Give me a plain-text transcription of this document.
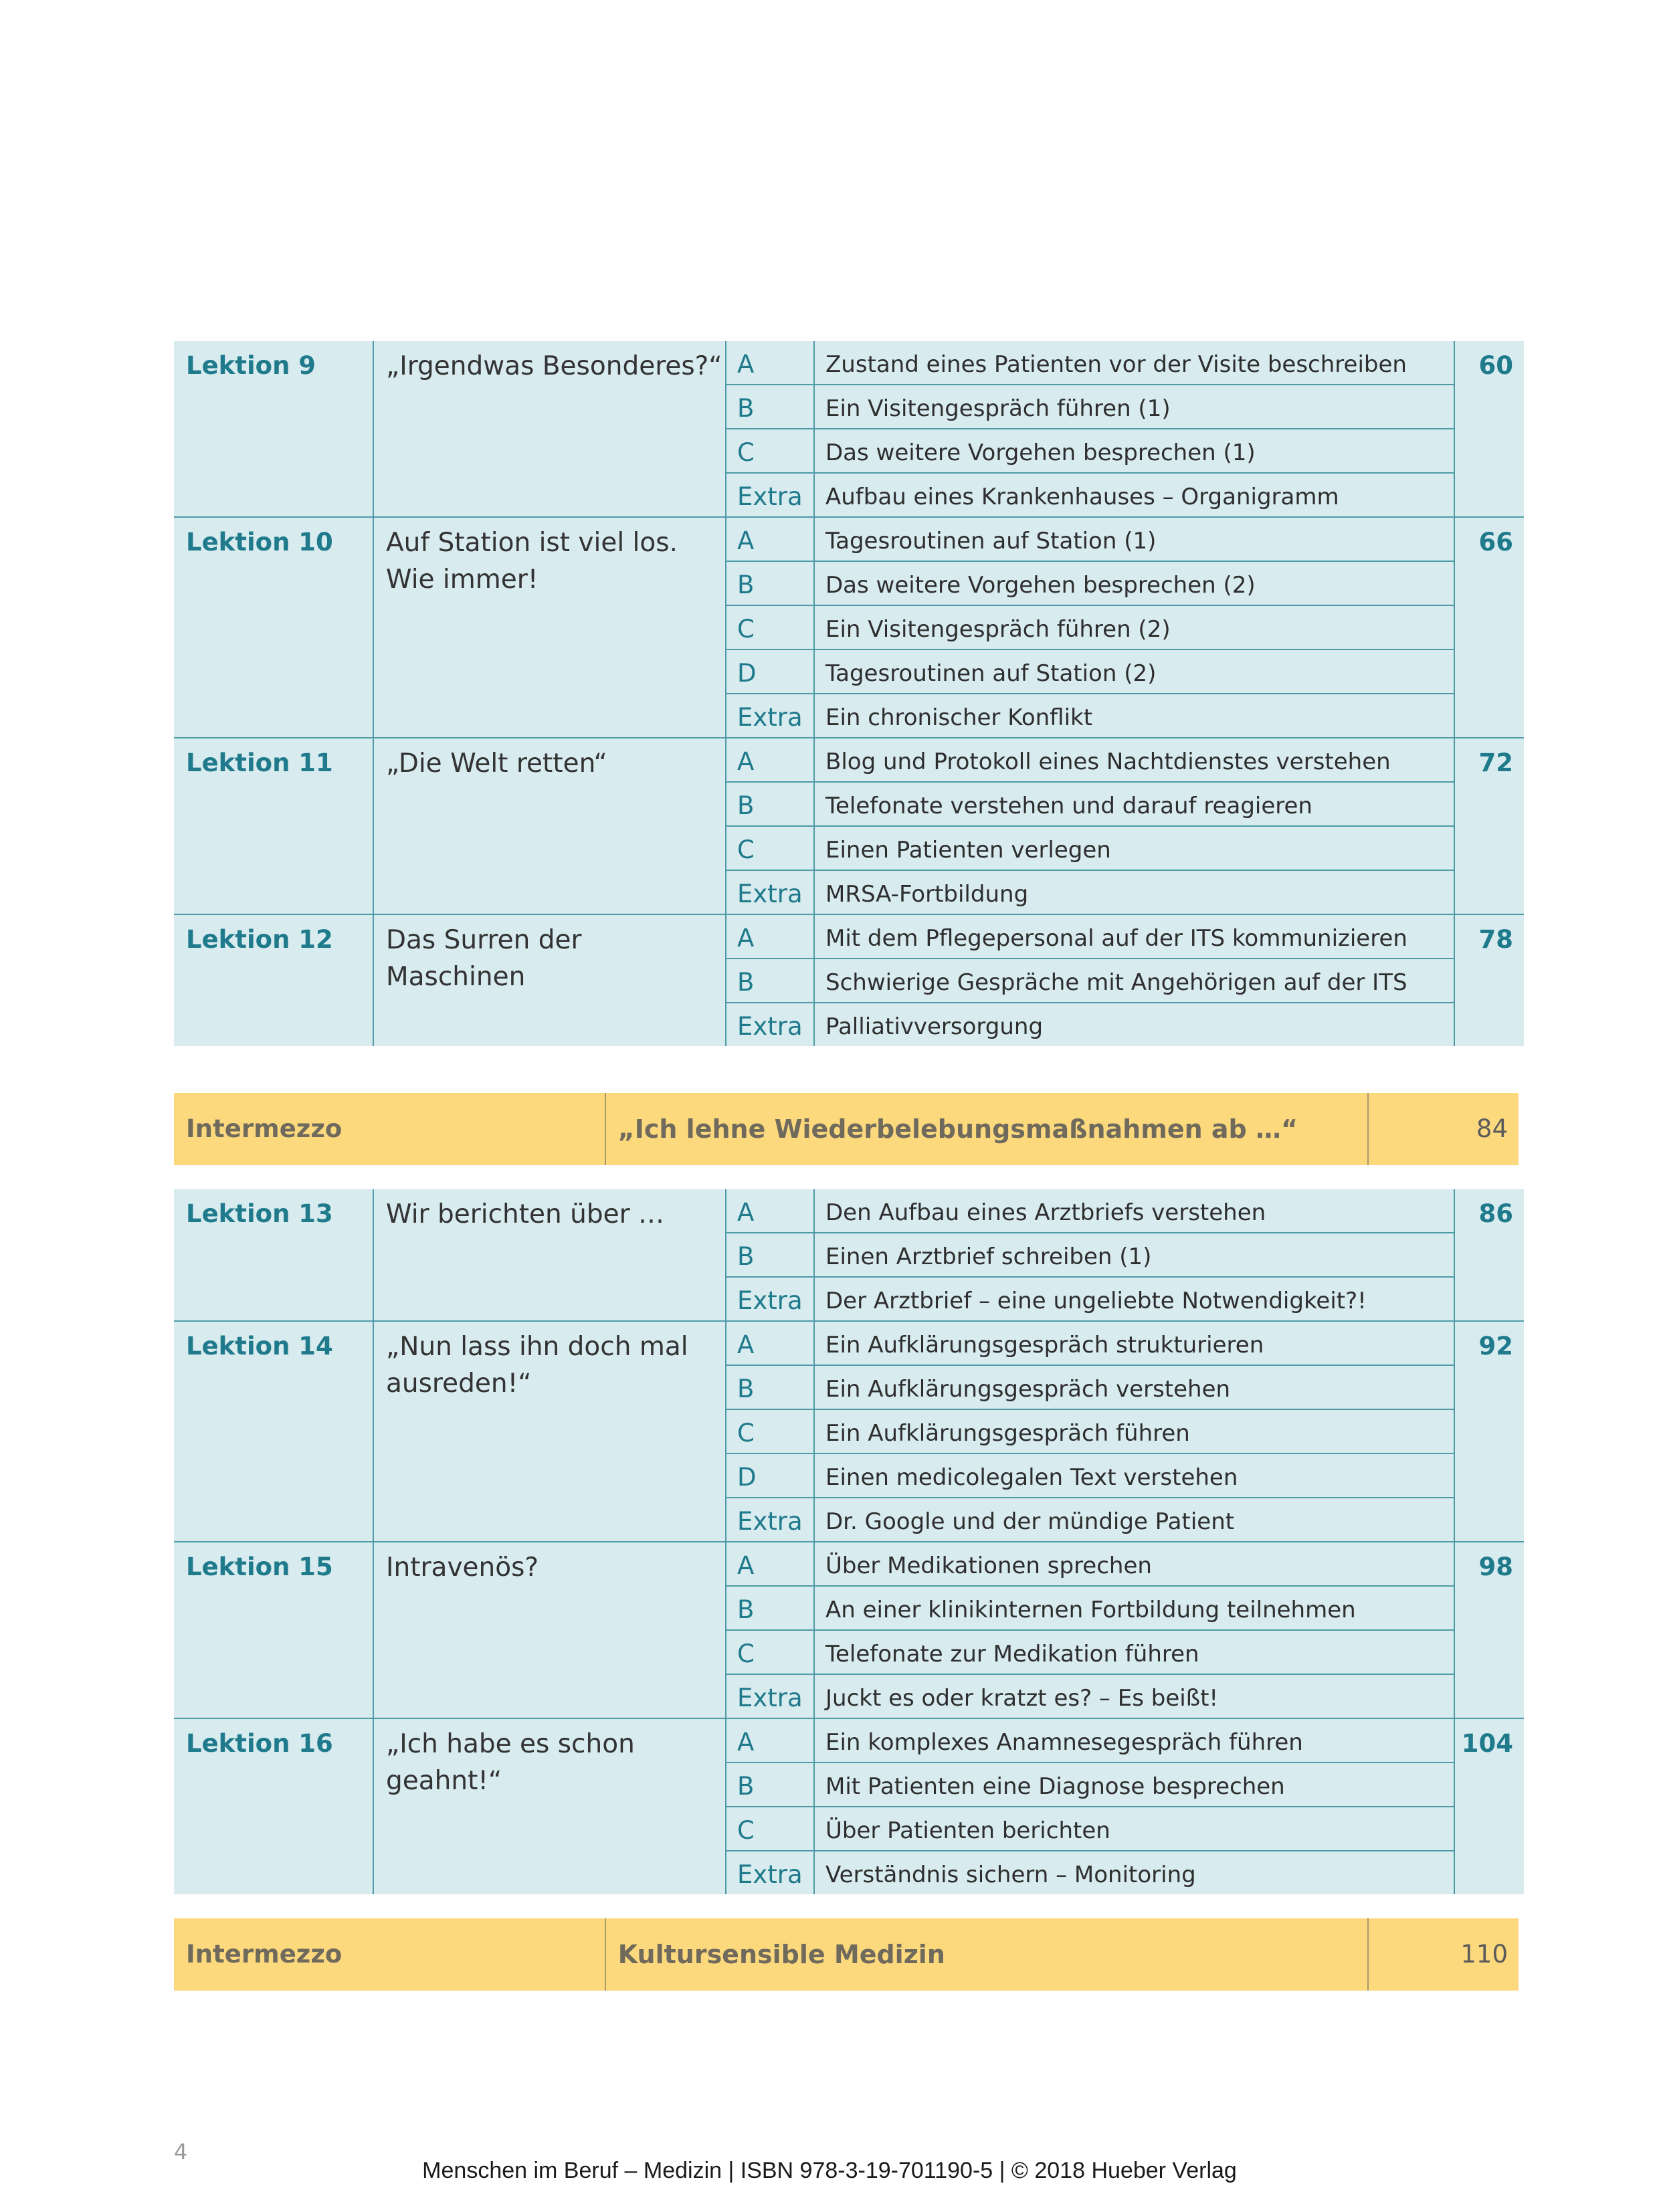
Lektion 9	„Irgendwas Besonderes?“	A	Zustand eines Patienten vor der Visite beschreiben	60

		B	Ein Visitengespräch führen (1)	

		C	Das weitere Vorgehen besprechen (1)	

		Extra	Aufbau eines Krankenhauses – Organigramm	

Lektion 10	Auf Station ist viel los. Wie immer!	A	Tagesroutinen auf Station (1)	66

		B	Das weitere Vorgehen besprechen (2)	

		C	Ein Visitengespräch führen (2)	

		D	Tagesroutinen auf Station (2)	

		Extra	Ein chronischer Konflikt	

Lektion 11	„Die Welt retten“	A	Blog und Protokoll eines Nachtdienstes verstehen	72

		B	Telefonate verstehen und darauf reagieren	

		C	Einen Patienten verlegen	

		Extra	MRSA-Fortbildung	

Lektion 12	Das Surren der Maschinen	A	Mit dem Pflegepersonal auf der ITS kommunizieren	78

		B	Schwierige Gespräche mit Angehörigen auf der ITS	

		Extra	Palliativversorgung	
Intermezzo	„Ich lehne Wiederbelebungsmaßnahmen ab …“	84
Lektion 13	Wir berichten über …	A	Den Aufbau eines Arztbriefs verstehen	86

		B	Einen Arztbrief schreiben (1)	

		Extra	Der Arztbrief – eine ungeliebte Notwendigkeit?!	

Lektion 14	„Nun lass ihn doch mal ausreden!“	A	Ein Aufklärungsgespräch strukturieren	92

		B	Ein Aufklärungsgespräch verstehen	

		C	Ein Aufklärungsgespräch führen	

		D	Einen medicolegalen Text verstehen	

		Extra	Dr. Google und der mündige Patient	

Lektion 15	Intravenös?	A	Über Medikationen sprechen	98

		B	An einer klinikinternen Fortbildung teilnehmen	

		C	Telefonate zur Medikation führen	

		Extra	Juckt es oder kratzt es? – Es beißt!	

Lektion 16	„Ich habe es schon geahnt!“	A	Ein komplexes Anamnesegespräch führen	104

		B	Mit Patienten eine Diagnose besprechen	

		C	Über Patienten berichten	

		Extra	Verständnis sichern – Monitoring	
Intermezzo	Kultursensible Medizin	110
4
Menschen im Beruf – Medizin | ISBN 978-3-19-701190-5 | © 2018 Hueber Verlag
